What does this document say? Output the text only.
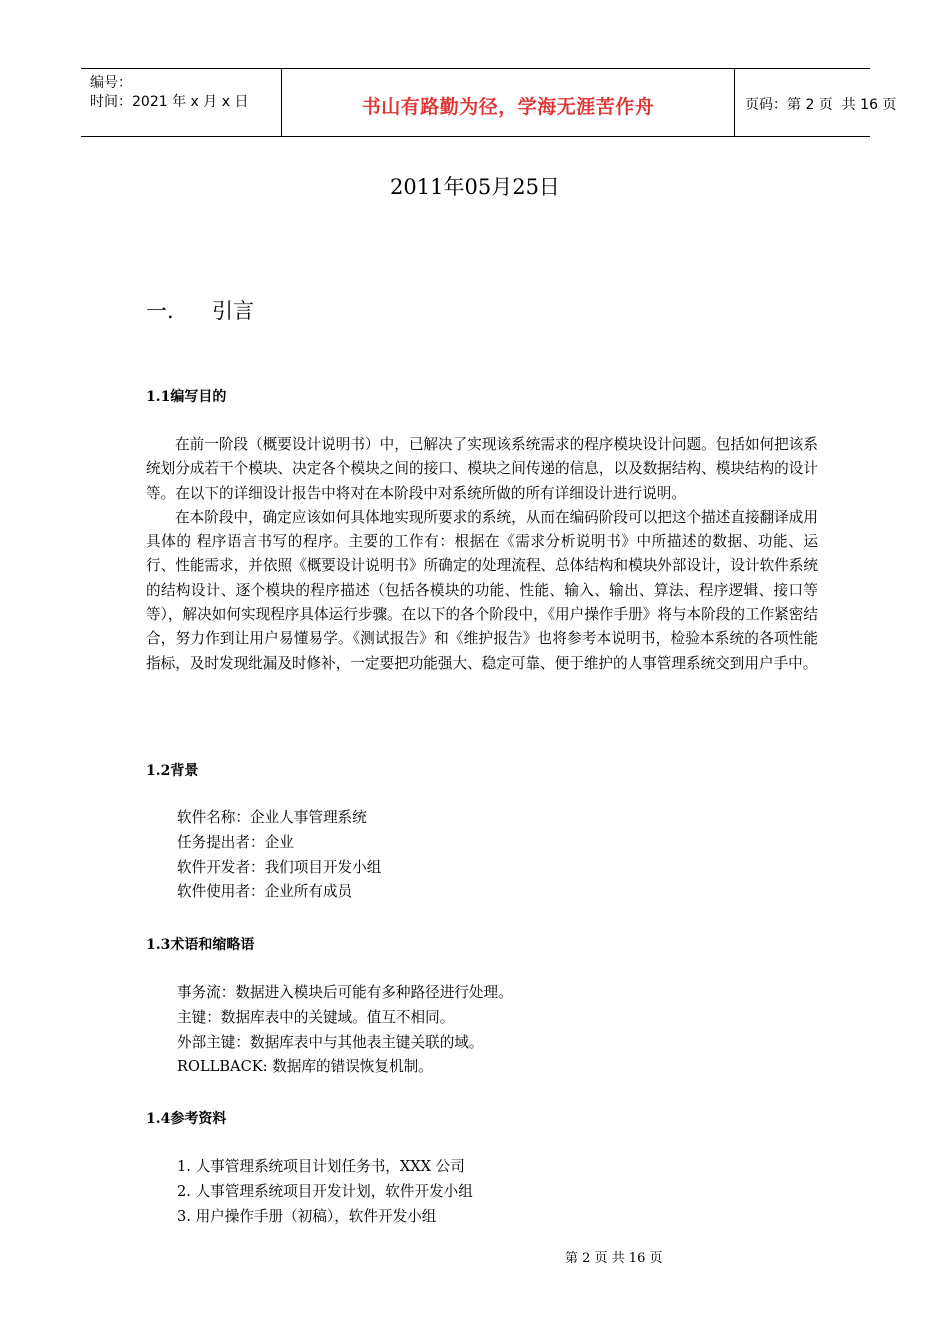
编号：
时间：2021 年 x 月 x 日	书山有路勤为径，学海无涯苦作舟	页码：第 2 页  共 16 页
2011年05月25日
一. 引言
1.1编写目的

在前一阶段（概要设计说明书）中，已解决了实现该系统需求的程序模块设计问题。包括如何把该系统划分成若干个模块、决定各个模块之间的接口、模块之间传递的信息，以及数据结构、模块结构的设计等。在以下的详细设计报告中将对在本阶段中对系统所做的所有详细设计进行说明。

在本阶段中，确定应该如何具体地实现所要求的系统，从而在编码阶段可以把这个描述直接翻译成用具体的 程序语言书写的程序。主要的工作有：根据在《需求分析说明书》中所描述的数据、功能、运行、性能需求，并依照《概要设计说明书》所确定的处理流程、总体结构和模块外部设计，设计软件系统的结构设计、逐个模块的程序描述（包括各模块的功能、性能、输入、输出、算法、程序逻辑、接口等等），解决如何实现程序具体运行步骤。在以下的各个阶段中，《用户操作手册》将与本阶段的工作紧密结合，努力作到让用户易懂易学。《测试报告》和《维护报告》也将参考本说明书，检验本系统的各项性能指标，及时发现纰漏及时修补，一定要把功能强大、稳定可靠、便于维护的人事管理系统交到用户手中。

1.2背景
软件名称：企业人事管理系统
任务提出者：企业
软件开发者：我们项目开发小组
软件使用者：企业所有成员
1.3术语和缩略语
事务流：数据进入模块后可能有多种路径进行处理。
主键：数据库表中的关键域。值互不相同。
外部主键：数据库表中与其他表主键关联的域。
ROLLBACK: 数据库的错误恢复机制。
1.4参考资料
1. 人事管理系统项目计划任务书，XXX 公司
2. 人事管理系统项目开发计划，软件开发小组
3. 用户操作手册（初稿），软件开发小组
第 2 页 共 16 页
